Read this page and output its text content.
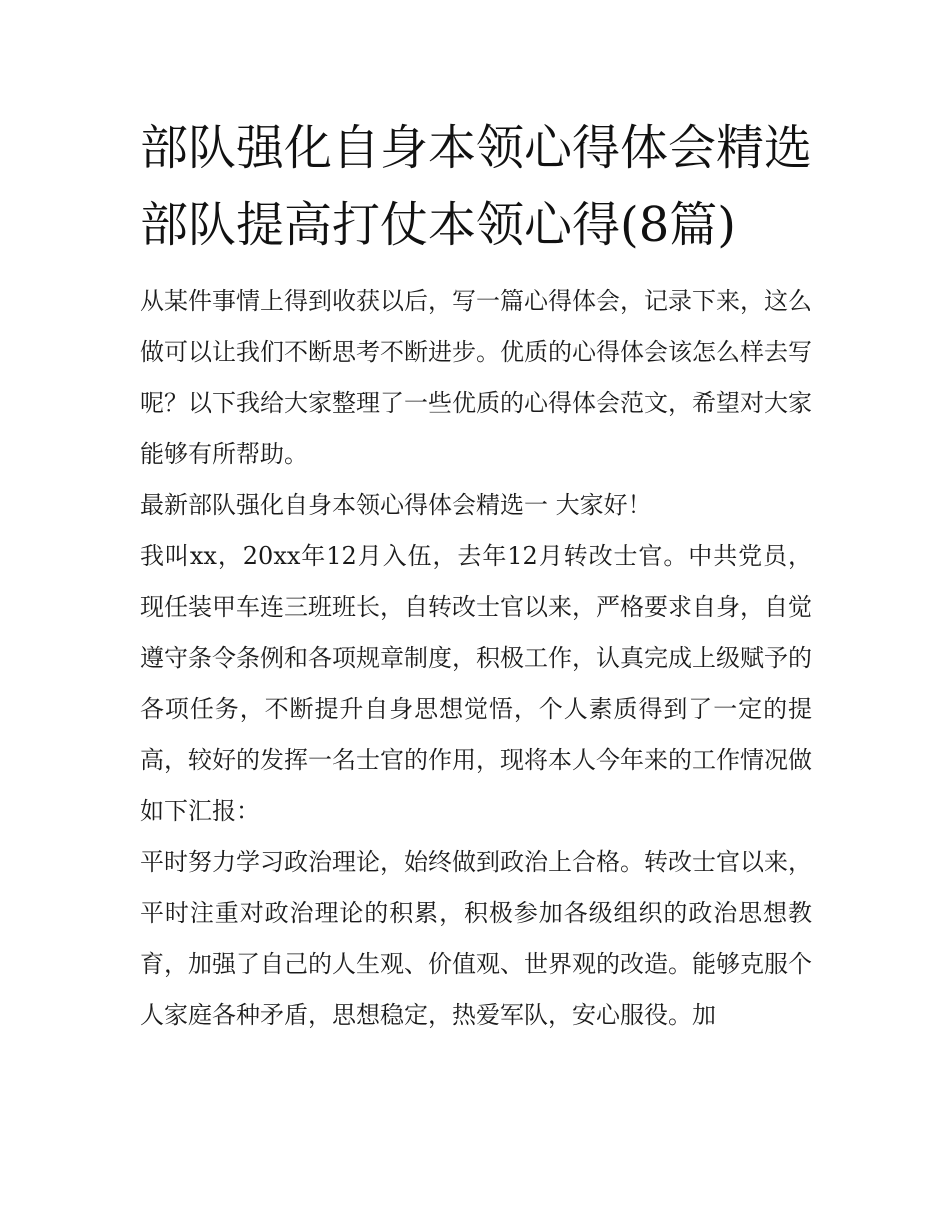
部队强化自身本领心得体会精选 部队提高打仗本领心得(8篇)

从某件事情上得到收获以后，写一篇心得体会，记录下来，这么做可以让我们不断思考不断进步。优质的心得体会该怎么样去写呢？以下我给大家整理了一些优质的心得体会范文，希望对大家能够有所帮助。

最新部队强化自身本领心得体会精选一 大家好！

我叫xx，20xx年12月入伍，去年12月转改士官。中共党员，现任装甲车连三班班长，自转改士官以来，严格要求自身，自觉遵守条令条例和各项规章制度，积极工作，认真完成上级赋予的各项任务，不断提升自身思想觉悟，个人素质得到了一定的提高，较好的发挥一名士官的作用，现将本人今年来的工作情况做如下汇报：

平时努力学习政治理论，始终做到政治上合格。转改士官以来，平时注重对政治理论的积累，积极参加各级组织的政治思想教育，加强了自己的人生观、价值观、世界观的改造。能够克服个人家庭各种矛盾，思想稳定，热爱军队，安心服役。加
